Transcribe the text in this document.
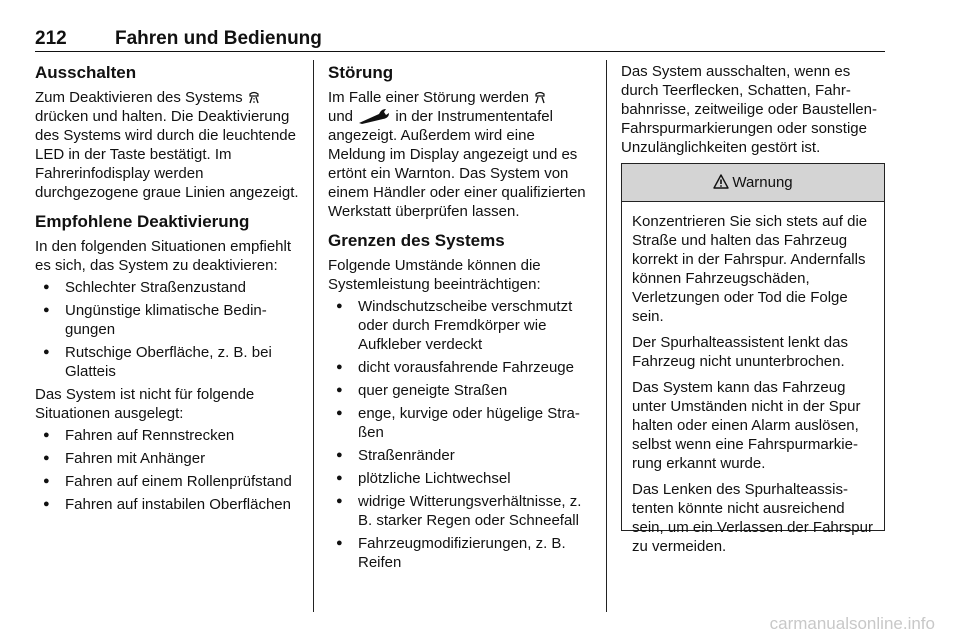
212	Fahren und Bedienung
Ausschalten

Zum Deaktivieren des Systems  drücken und halten. Die Deaktivierung des Systems wird durch die leuchtende LED in der Taste bestätigt. Im Fahrerinfodisplay werden durchgezogene graue Linien angezeigt.

Empfohlene Deaktivierung

In den folgenden Situationen empfiehlt es sich, das System zu deaktivieren:

● Schlechter Straßenzustand
● Ungünstige klimatische Bedingungen
● Rutschige Oberfläche, z. B. bei Glatteis

Das System ist nicht für folgende Situationen ausgelegt:

● Fahren auf Rennstrecken
● Fahren mit Anhänger
● Fahren auf einem Rollenprüfstand
● Fahren auf instabilen Oberflächen
Störung

Im Falle einer Störung werden
und	in der Instrumententafel angezeigt. Außerdem wird eine Meldung im Display angezeigt und es ertönt ein Warnton. Das System von einem Händler oder einer qualifizierten Werkstatt überprüfen lassen.

Grenzen des Systems

Folgende Umstände können die Systemleistung beeinträchtigen:

● Windschutzscheibe verschmutzt oder durch Fremdkörper wie Aufkleber verdeckt
● dicht vorausfahrende Fahrzeuge
● quer geneigte Straßen
● enge, kurvige oder hügelige Straßen
● Straßenränder
● plötzliche Lichtwechsel
● widrige Witterungsverhältnisse, z. B. starker Regen oder Schneefall
● Fahrzeugmodifizierungen, z. B. Reifen

Das System ausschalten, wenn es durch Teerflecken, Schatten, Fahrbahnrisse, zeitweilige oder Baustellen-Fahrspurmarkierungen oder sonstige Unzulänglichkeiten gestört ist.

Warnung

Konzentrieren Sie sich stets auf die Straße und halten das Fahrzeug korrekt in der Fahrspur. Andernfalls können Fahrzeugschäden, Verletzungen oder Tod die Folge sein.

Der Spurhalteassistent lenkt das Fahrzeug nicht ununterbrochen.

Das System kann das Fahrzeug unter Umständen nicht in der Spur halten oder einen Alarm auslösen, selbst wenn eine Fahrspurmarkierung erkannt wurde.

Das Lenken des Spurhalteassistenten könnte nicht ausreichend sein, um ein Verlassen der Fahrspur zu vermeiden.

carmanualsonline.info
